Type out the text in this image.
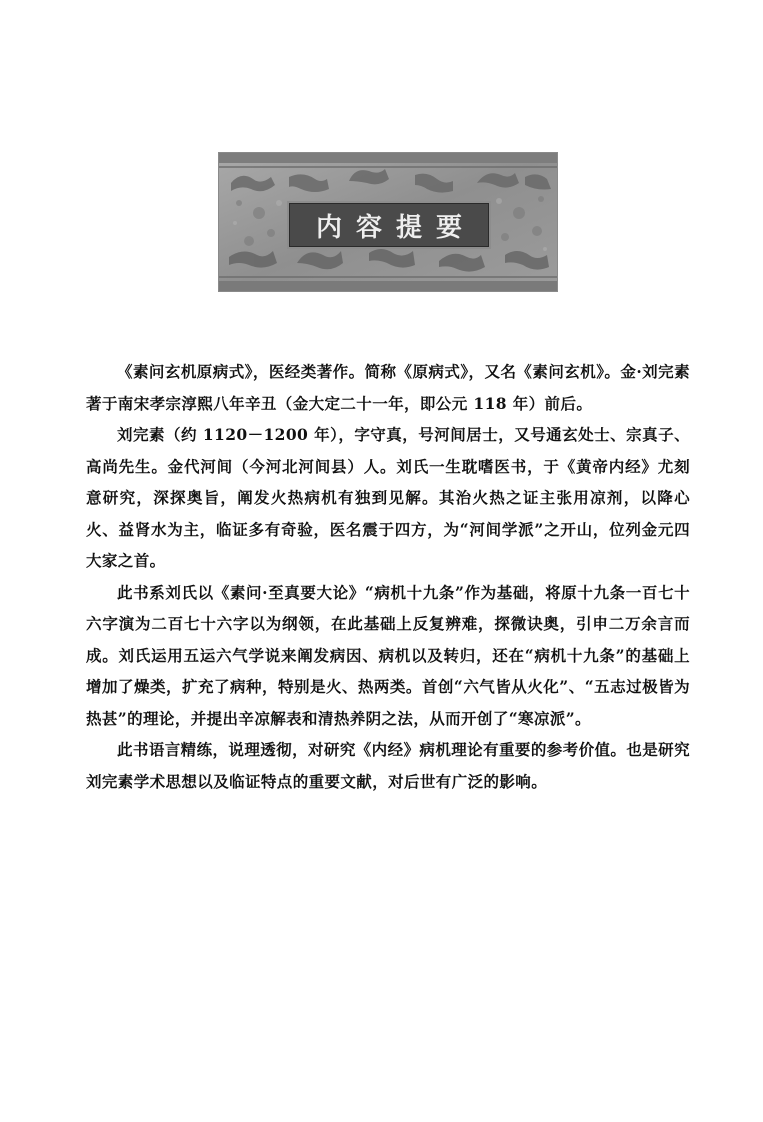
内容提要

《素问玄机原病式》，医经类著作。简称《原病式》，又名《素问玄机》。金·刘完素著于南宋孝宗淳熙八年辛丑（金大定二十一年，即公元 118 年）前后。

刘完素（约 1120－1200 年），字守真，号河间居士，又号通玄处士、宗真子、高尚先生。金代河间（今河北河间县）人。刘氏一生耽嗜医书，于《黄帝内经》尤刻意研究，深探奥旨，阐发火热病机有独到见解。其治火热之证主张用凉剂，以降心火、益肾水为主，临证多有奇验，医名震于四方，为“河间学派”之开山，位列金元四大家之首。

此书系刘氏以《素问·至真要大论》“病机十九条”作为基础，将原十九条一百七十六字演为二百七十六字以为纲领，在此基础上反复辨难，探微诀奥，引申二万余言而成。刘氏运用五运六气学说来阐发病因、病机以及转归，还在“病机十九条”的基础上增加了燥类，扩充了病种，特别是火、热两类。首创“六气皆从火化”、“五志过极皆为热甚”的理论，并提出辛凉解表和清热养阴之法，从而开创了“寒凉派”。

此书语言精练，说理透彻，对研究《内经》病机理论有重要的参考价值。也是研究刘完素学术思想以及临证特点的重要文献，对后世有广泛的影响。
